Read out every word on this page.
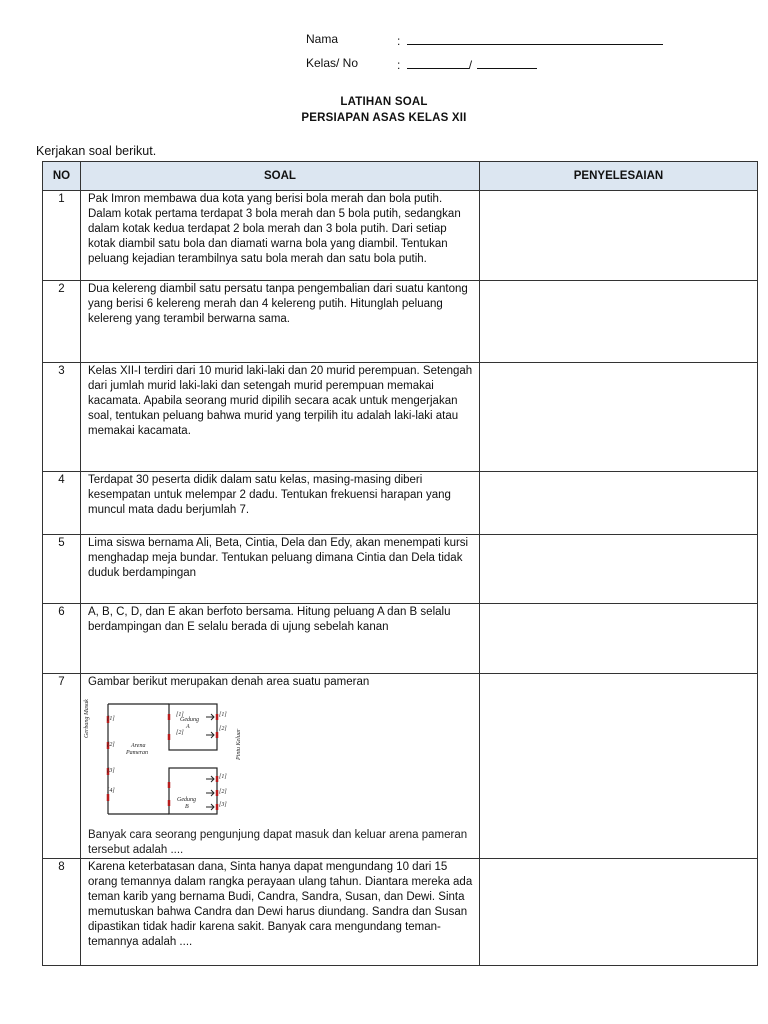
Nama	:
Kelas/ No	:	/
LATIHAN SOAL
PERSIAPAN ASAS KELAS XII
Kerjakan soal berikut.
NO	SOAL	PENYELESAIAN
1	Pak Imron membawa dua kota yang berisi bola merah dan bola putih. Dalam kotak pertama terdapat 3 bola merah dan 5 bola putih, sedangkan dalam kotak kedua terdapat 2 bola merah dan 3 bola putih. Dari setiap kotak diambil satu bola dan diamati warna bola yang diambil. Tentukan peluang kejadian terambilnya satu bola merah dan satu bola putih.	

2	Dua kelereng diambil satu persatu tanpa pengembalian dari suatu kantong yang berisi 6 kelereng merah dan 4 kelereng putih. Hitunglah peluang kelereng yang terambil berwarna sama.	

3	Kelas XII-I terdiri dari 10 murid laki-laki dan 20 murid perempuan. Setengah dari jumlah murid laki-laki dan setengah murid perempuan memakai kacamata. Apabila seorang murid dipilih secara acak untuk mengerjakan soal, tentukan peluang bahwa murid yang terpilih itu adalah laki-laki atau memakai kacamata.	

4	Terdapat 30 peserta didik dalam satu kelas, masing-masing diberi kesempatan untuk melempar 2 dadu. Tentukan frekuensi harapan yang muncul mata dadu berjumlah 7.	

5	Lima siswa bernama Ali, Beta, Cintia, Dela dan Edy, akan menempati kursi menghadap meja bundar. Tentukan peluang dimana Cintia dan Dela tidak duduk berdampingan	

6	A, B, C, D, dan E akan berfoto bersama. Hitung peluang A dan B selalu berdampingan dan E selalu berada di ujung sebelah kanan	

7	Gambar berikut merupakan denah area suatu pameran
Banyak cara seorang pengunjung dapat masuk dan keluar arena pameran tersebut adalah ....	

8	Karena keterbatasan dana, Sinta hanya dapat mengundang 10 dari 15 orang temannya dalam rangka perayaan ulang tahun. Diantara mereka ada teman karib yang bernama Budi, Candra, Sandra, Susan, dan Dewi. Sinta memutuskan bahwa Candra dan Dewi harus diundang. Sandra dan Susan dipastikan tidak hadir karena sakit. Banyak cara mengundang teman-temannya adalah ....	

Gerbang Masuk
Arena
Pameran
Gedung
A
Gedung
B
Pintu Keluar
[1]
[2]
[3]
[4]
[1]
[2]
[1]
[2]
[1]
[2]
[3]
